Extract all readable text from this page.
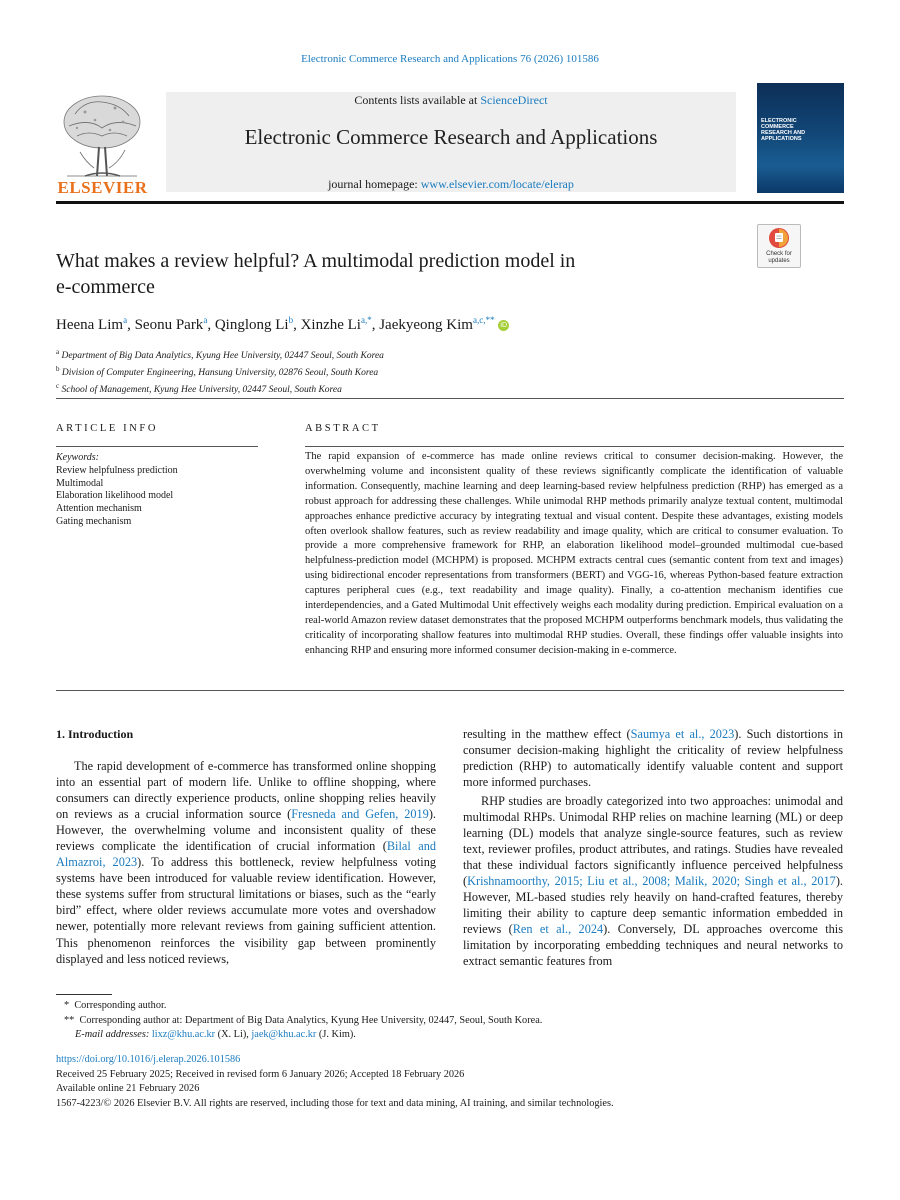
Electronic Commerce Research and Applications 76 (2026) 101586
Contents lists available at ScienceDirect
Electronic Commerce Research and Applications
journal homepage: www.elsevier.com/locate/elerap
ELSEVIER
ELECTRONIC
COMMERCE
RESEARCH AND
APPLICATIONS
What makes a review helpful? A multimodal prediction model in
e-commerce
Check for
updates
Heena Lim$^a$, Seonu Park$^a$, Qinglong Li$^b$, Xinzhe $Li^{a,*}$, Jaekyeong Kim$^{a,c,**}$ iD
$^a$ Department of Big Data Analytics, Kyung Hee University, 02447 Seoul, South Korea
$^b$ Division of Computer Engineering, Hansung University, 02876 Seoul, South Korea
$^c$ School of Management, Kyung Hee University, 02447 Seoul, South Korea
ARTICLE INFO
Keywords:
Review helpfulness prediction
Multimodal
Elaboration likelihood model
Attention mechanism
Gating mechanism
ABSTRACT
The rapid expansion of e-commerce has made online reviews critical to consumer decision-making. However, the overwhelming volume and inconsistent quality of these reviews significantly complicate the identification of valuable information. Consequently, machine learning and deep learning-based review helpfulness prediction (RHP) has emerged as a robust approach for addressing these challenges. While unimodal RHP methods primarily analyze textual content, multimodal approaches enhance predictive accuracy by integrating textual and visual content. Despite these advantages, existing models often overlook shallow features, such as review readability and image quality, which are critical to consumer evaluation. To provide a more comprehensive framework for RHP, an elaboration likelihood model–grounded multimodal cue-based helpfulness-prediction model (MCHPM) is proposed. MCHPM extracts central cues (semantic content from text and images) using bidirectional encoder representations from transformers (BERT) and VGG-16, whereas Python-based feature extraction captures peripheral cues (e.g., text readability and image quality). Finally, a co-attention mechanism identifies cue interdependencies, and a Gated Multimodal Unit effectively weighs each modality during prediction. Empirical evaluation on a real-world Amazon review dataset demonstrates that the proposed MCHPM outperforms benchmark models, thus validating the criticality of incorporating shallow features into multimodal RHP studies. Overall, these findings offer valuable insights into enhancing RHP and ensuring more informed consumer decision-making in e-commerce.
1. Introduction
The rapid development of e-commerce has transformed online shopping into an essential part of modern life. Unlike to offline shopping, where consumers can directly experience products, online shopping relies heavily on reviews as a crucial information source (Fresneda and Gefen, 2019). However, the overwhelming volume and inconsistent quality of these reviews complicate the identification of crucial information (Bilal and Almazroi, 2023). To address this bottleneck, review helpfulness voting systems have been introduced for valuable review identification. However, these systems suffer from structural limitations or biases, such as the “early bird” effect, where older reviews accumulate more votes and overshadow newer, potentially more relevant reviews from gaining sufficient attention. This phenomenon reinforces the visibility gap between prominently displayed and less noticed reviews,
resulting in the matthew effect (Saumya et al., 2023). Such distortions in consumer decision-making highlight the criticality of review helpfulness prediction (RHP) to automatically identify valuable content and support more informed purchases.
RHP studies are broadly categorized into two approaches: unimodal and multimodal RHPs. Unimodal RHP relies on machine learning (ML) or deep learning (DL) models that analyze single-source features, such as review text, reviewer profiles, product attributes, and ratings. Studies have revealed that these individual factors significantly influence perceived helpfulness (Krishnamoorthy, 2015; Liu et al., 2008; Malik, 2020; Singh et al., 2017). However, ML-based studies rely heavily on hand-crafted features, thereby limiting their ability to capture deep semantic information embedded in reviews (Ren et al., 2024). Conversely, DL approaches overcome this limitation by incorporating embedding techniques and neural networks to extract semantic features from
* Corresponding author.
** Corresponding author at: Department of Big Data Analytics, Kyung Hee University, 02447, Seoul, South Korea.
E-mail addresses: lixz@khu.ac.kr (X. Li), jaek@khu.ac.kr (J. Kim).
https://doi.org/10.1016/j.elerap.2026.101586
Received 25 February 2025; Received in revised form 6 January 2026; Accepted 18 February 2026
Available online 21 February 2026
1567-4223/© 2026 Elsevier B.V. All rights are reserved, including those for text and data mining, AI training, and similar technologies.
